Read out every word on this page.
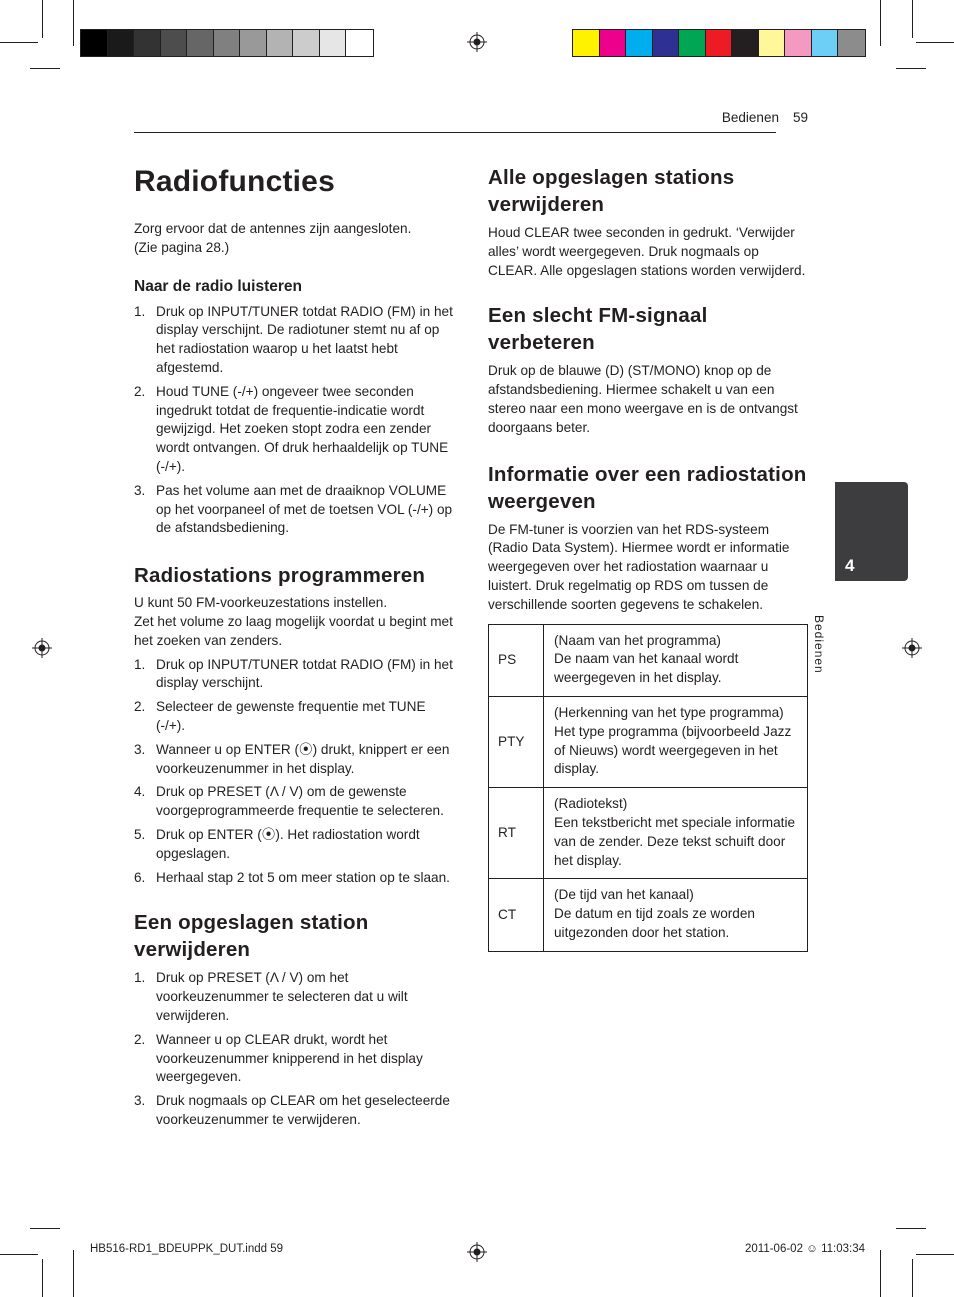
Bedienen 59
Radiofuncties

Zorg ervoor dat de antennes zijn aangesloten.

(Zie pagina 28.)

Naar de radio luisteren
1. Druk op INPUT/TUNER totdat RADIO (FM) in het display verschijnt. De radiotuner stemt nu af op het radiostation waarop u het laatst hebt afgestemd.
2. Houd TUNE (-/+) ongeveer twee seconden ingedrukt totdat de frequentie-indicatie wordt gewijzigd. Het zoeken stopt zodra een zender wordt ontvangen. Of druk herhaaldelijk op TUNE (-/+).
3. Pas het volume aan met de draaiknop VOLUME op het voorpaneel of met de toetsen VOL (-/+) op de afstandsbediening.
Radiostations programmeren

U kunt 50 FM-voorkeuzestations instellen.

Zet het volume zo laag mogelijk voordat u begint met het zoeken van zenders.

1. Druk op INPUT/TUNER totdat RADIO (FM) in het display verschijnt.
2. Selecteer de gewenste frequentie met TUNE (-/+).
3. Wanneer u op ENTER (⦿) drukt, knippert er een voorkeuzenummer in het display.
4. Druk op PRESET (Λ / V) om de gewenste voorgeprogrammeerde frequentie te selecteren.
5. Druk op ENTER (⦿). Het radiostation wordt opgeslagen.
6. Herhaal stap 2 tot 5 om meer station op te slaan.
Een opgeslagen station verwijderen
1. Druk op PRESET (Λ / V) om het voorkeuzenummer te selecteren dat u wilt verwijderen.
2. Wanneer u op CLEAR drukt, wordt het voorkeuzenummer knipperend in het display weergegeven.
3. Druk nogmaals op CLEAR om het geselecteerde voorkeuzenummer te verwijderen.
Alle opgeslagen stations verwijderen

Houd CLEAR twee seconden in gedrukt. ‘Verwijder alles’ wordt weergegeven. Druk nogmaals op CLEAR. Alle opgeslagen stations worden verwijderd.

Een slecht FM-signaal verbeteren

Druk op de blauwe (D) (ST/MONO) knop op de afstandsbediening. Hiermee schakelt u van een stereo naar een mono weergave en is de ontvangst doorgaans beter.

Informatie over een radiostation weergeven

De FM-tuner is voorzien van het RDS-systeem (Radio Data System). Hiermee wordt er informatie weergegeven over het radiostation waarnaar u luistert. Druk regelmatig op RDS om tussen de verschillende soorten gegevens te schakelen.

PS	(Naam van het programma)
De naam van het kanaal wordt weergegeven in het display.

PTY	(Herkenning van het type programma)
Het type programma (bijvoorbeeld Jazz of Nieuws) wordt weergegeven in het display.

RT	(Radiotekst)
Een tekstbericht met speciale informatie van de zender. Deze tekst schuift door het display.

CT	(De tijd van het kanaal)
De datum en tijd zoals ze worden uitgezonden door het station.
4
Bedienen
HB516-RD1_BDEUPPK_DUT.indd 59	2011-06-02 ☺ 11:03:34
